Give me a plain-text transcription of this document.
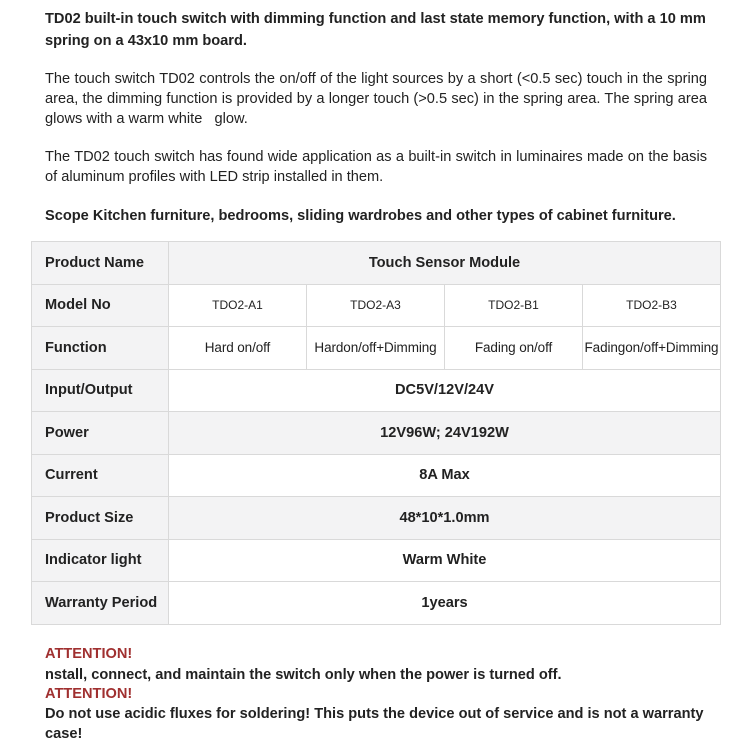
TD02 built-in touch switch with dimming function and last state memory function, with a 10 mm spring on a 43x10 mm board.

The touch switch TD02 controls the on/off of the light sources by a short (<0.5 sec) touch in the spring area, the dimming function is provided by a longer touch (>0.5 sec) in the spring area. The spring area glows with a warm white   glow.

The TD02 touch switch has found wide application as a built-in switch in luminaires made on the basis of aluminum profiles with LED strip installed in them.

Scope Kitchen furniture, bedrooms, sliding wardrobes and other types of cabinet furniture.

Product Name	Touch Sensor Module			
Model No	TDO2-A1	TDO2-A3	TDO2-B1	TDO2-B3
Function	Hard on/off	Hardon/off+Dimming	Fading on/off	Fadingon/off+Dimming
Input/Output	DC5V/12V/24V			
Power	12V96W; 24V192W			
Current	8A Max			
Product Size	48*10*1.0mm			
Indicator light	Warm White			
Warranty Period	1years			
ATTENTION!
nstall, connect, and maintain the switch only when the power is turned off.
ATTENTION!
Do not use acidic fluxes for soldering! This puts the device out of service and is not a warranty case!
